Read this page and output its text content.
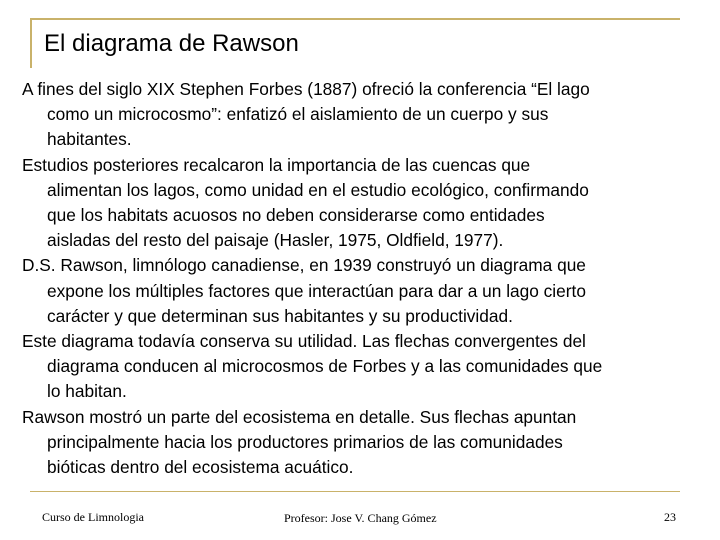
El diagrama de Rawson

A fines del siglo XIX Stephen Forbes (1887) ofreció la conferencia “El lago
como un microcosmo”: enfatizó el aislamiento de un cuerpo y sus
habitantes.

Estudios posteriores recalcaron la importancia de las cuencas que
alimentan los lagos, como unidad en el estudio ecológico, confirmando
que los habitats acuosos no deben considerarse como entidades
aisladas del resto del paisaje (Hasler, 1975, Oldfield, 1977).

D.S. Rawson, limnólogo canadiense, en 1939 construyó un diagrama que
expone los múltiples factores que interactúan para dar a un lago cierto
carácter y que determinan sus habitantes y su productividad.

Este diagrama todavía conserva su utilidad. Las flechas convergentes del
diagrama conducen al microcosmos de Forbes y a las comunidades que
lo habitan.

Rawson mostró un parte del ecosistema en detalle. Sus flechas apuntan
principalmente hacia los productores primarios de las comunidades
bióticas dentro del ecosistema acuático.

Curso de Limnologia	Profesor: Jose V. Chang Gómez	23
